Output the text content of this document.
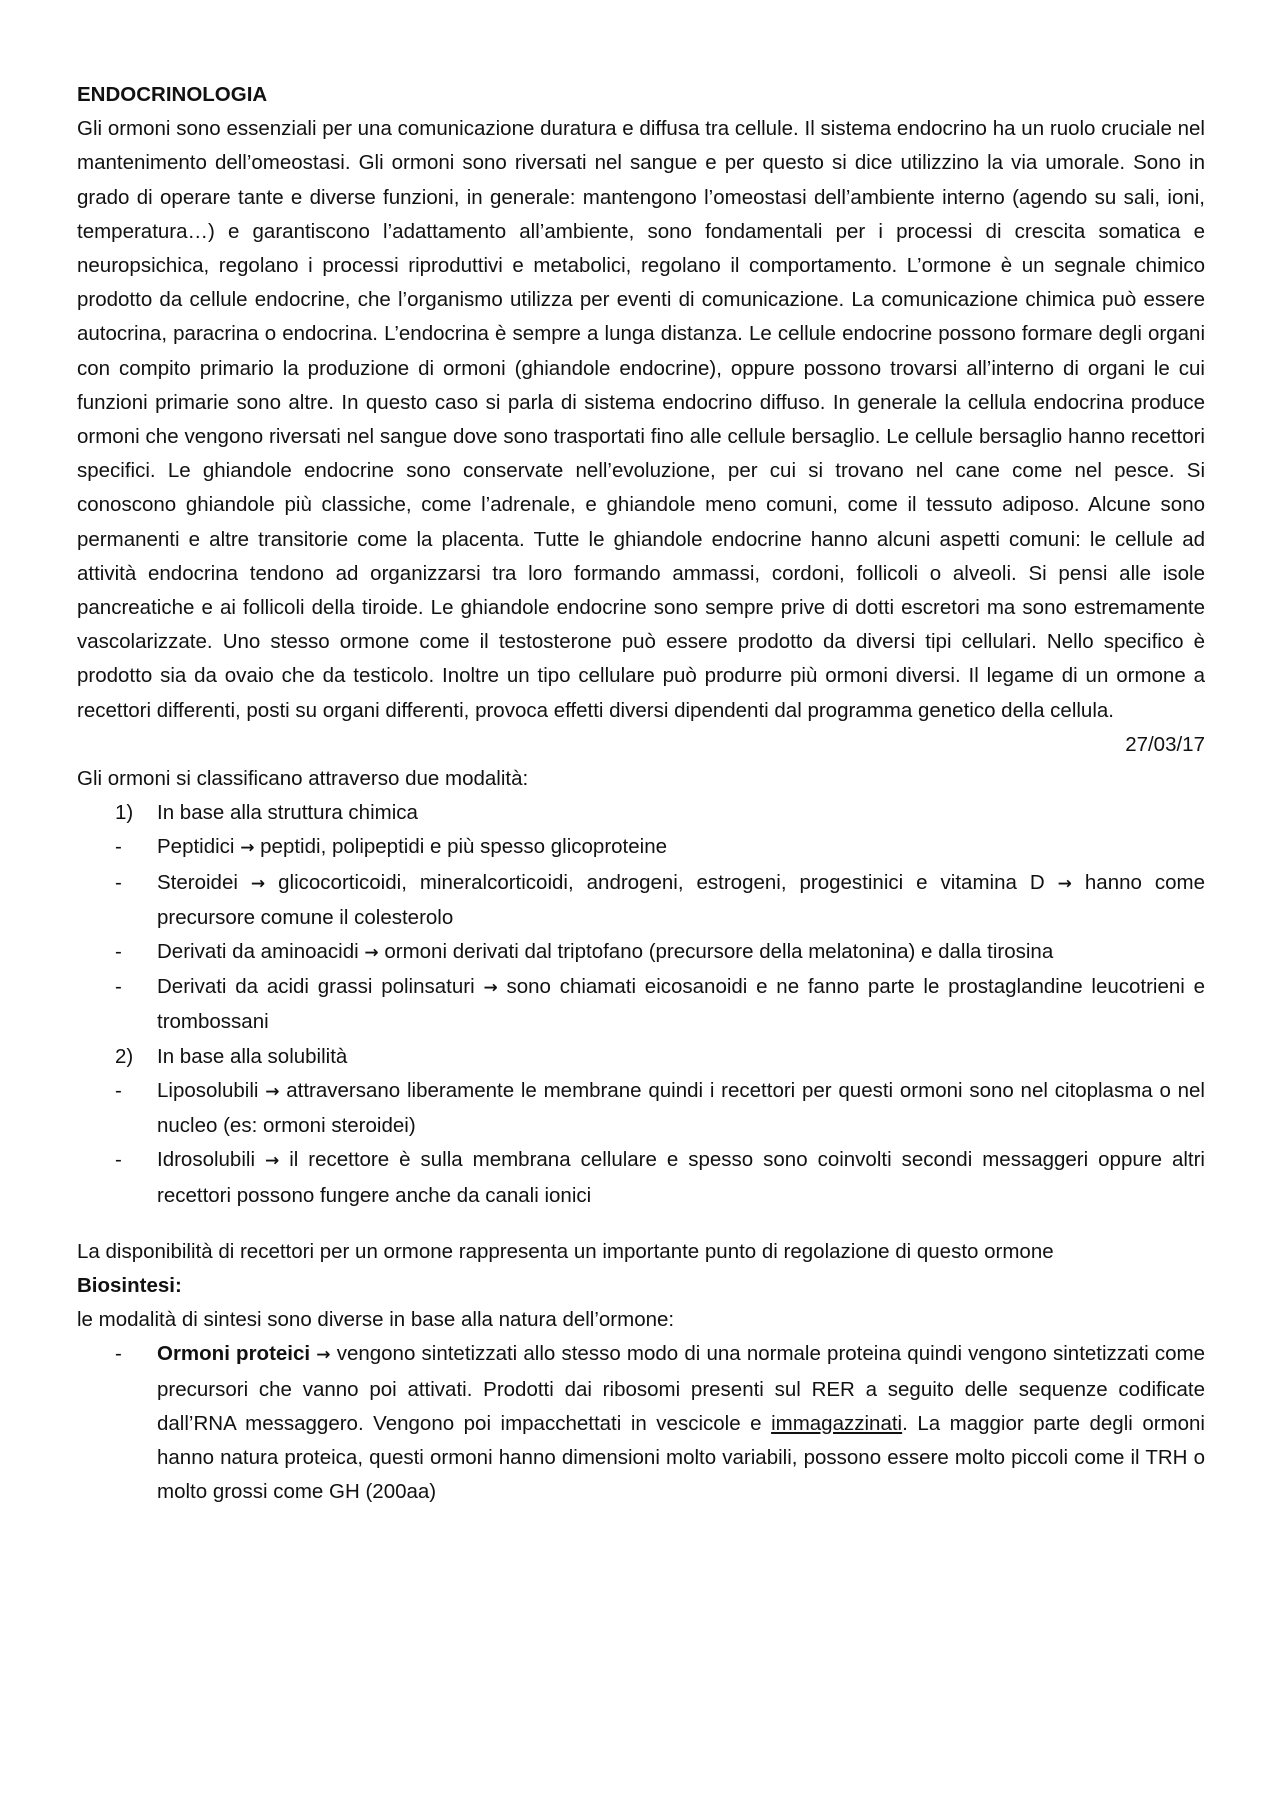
ENDOCRINOLOGIA

Gli ormoni sono essenziali per una comunicazione duratura e diffusa tra cellule. Il sistema endocrino ha un ruolo cruciale nel mantenimento dell’omeostasi. Gli ormoni sono riversati nel sangue e per questo si dice utilizzino la via umorale. Sono in grado di operare tante e diverse funzioni, in generale: mantengono l’omeostasi dell’ambiente interno (agendo su sali, ioni, temperatura…) e garantiscono l’adattamento all’ambiente, sono fondamentali per i processi di crescita somatica e neuropsichica, regolano i processi riproduttivi e metabolici, regolano il comportamento. L’ormone è un segnale chimico prodotto da cellule endocrine, che l’organismo utilizza per eventi di comunicazione. La comunicazione chimica può essere autocrina, paracrina o endocrina. L’endocrina è sempre a lunga distanza. Le cellule endocrine possono formare degli organi con compito primario la produzione di ormoni (ghiandole endocrine), oppure possono trovarsi all’interno di organi le cui funzioni primarie sono altre. In questo caso si parla di sistema endocrino diffuso. In generale la cellula endocrina produce ormoni che vengono riversati nel sangue dove sono trasportati fino alle cellule bersaglio. Le cellule bersaglio hanno recettori specifici. Le ghiandole endocrine sono conservate nell’evoluzione, per cui si trovano nel cane come nel pesce. Si conoscono ghiandole più classiche, come l’adrenale, e ghiandole meno comuni, come il tessuto adiposo. Alcune sono permanenti e altre transitorie come la placenta. Tutte le ghiandole endocrine hanno alcuni aspetti comuni: le cellule ad attività endocrina tendono ad organizzarsi tra loro formando ammassi, cordoni, follicoli o alveoli. Si pensi alle isole pancreatiche e ai follicoli della tiroide. Le ghiandole endocrine sono sempre prive di dotti escretori ma sono estremamente vascolarizzate. Uno stesso ormone come il testosterone può essere prodotto da diversi tipi cellulari. Nello specifico è prodotto sia da ovaio che da testicolo. Inoltre un tipo cellulare può produrre più ormoni diversi. Il legame di un ormone a recettori differenti, posti su organi differenti, provoca effetti diversi dipendenti dal programma genetico della cellula.

27/03/17

Gli ormoni si classificano attraverso due modalità:

1)	In base alla struttura chimica
-	Peptidici → peptidi, polipeptidi e più spesso glicoproteine
-	Steroidei → glicocorticoidi, mineralcorticoidi, androgeni, estrogeni, progestinici e vitamina D → hanno come precursore comune il colesterolo
-	Derivati da aminoacidi → ormoni derivati dal triptofano (precursore della melatonina) e dalla tirosina
-	Derivati da acidi grassi polinsaturi → sono chiamati eicosanoidi e ne fanno parte le prostaglandine leucotrieni e trombossani
2)	In base alla solubilità
-	Liposolubili → attraversano liberamente le membrane quindi i recettori per questi ormoni sono nel citoplasma o nel nucleo (es: ormoni steroidei)
-	Idrosolubili → il recettore è sulla membrana cellulare e spesso sono coinvolti secondi messaggeri oppure altri recettori possono fungere anche da canali ionici

La disponibilità di recettori per un ormone rappresenta un importante punto di regolazione di questo ormone

Biosintesi:

le modalità di sintesi sono diverse in base alla natura dell’ormone:

-	Ormoni proteici → vengono sintetizzati allo stesso modo di una normale proteina quindi vengono sintetizzati come precursori che vanno poi attivati. Prodotti dai ribosomi presenti sul RER a seguito delle sequenze codificate dall’RNA messaggero. Vengono poi impacchettati in vescicole e immagazzinati. La maggior parte degli ormoni hanno natura proteica, questi ormoni hanno dimensioni molto variabili, possono essere molto piccoli come il TRH o molto grossi come GH (200aa)
